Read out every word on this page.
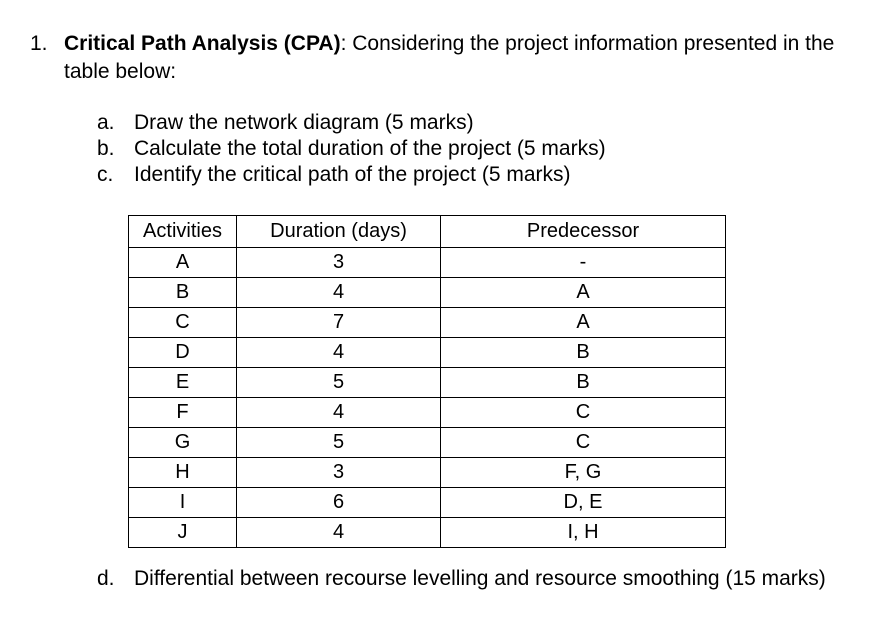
1. Critical Path Analysis (CPA): Considering the project information presented in the table below:
a. Draw the network diagram (5 marks)
b. Calculate the total duration of the project (5 marks)
c. Identify the critical path of the project (5 marks)
Activities	Duration (days)	Predecessor
A	3	-
B	4	A
C	7	A
D	4	B
E	5	B
F	4	C
G	5	C
H	3	F, G
I	6	D, E
J	4	I, H
d. Differential between recourse levelling and resource smoothing (15 marks)
